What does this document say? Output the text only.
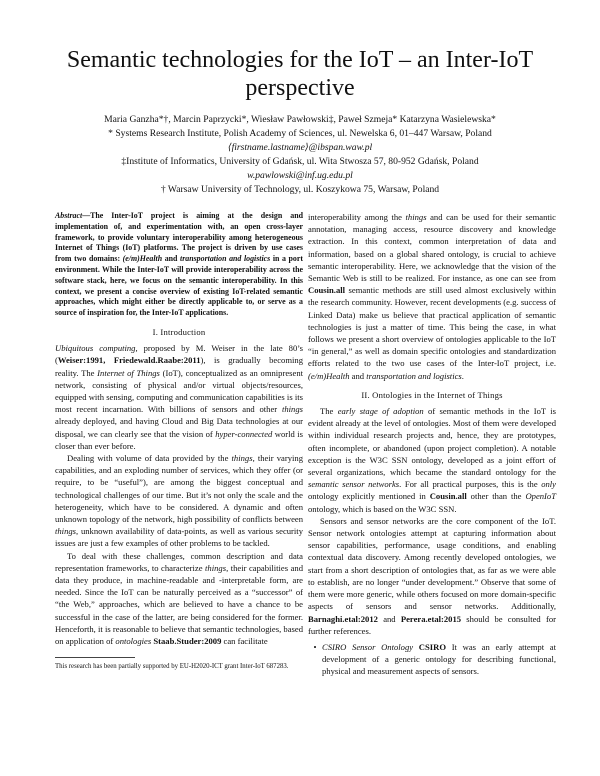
Semantic technologies for the IoT – an Inter-IoT perspective
Maria Ganzha*†, Marcin Paprzycki*, Wiesław Pawłowski‡, Paweł Szmeja* Katarzyna Wasielewska*
* Systems Research Institute, Polish Academy of Sciences, ul. Newelska 6, 01–447 Warsaw, Poland
⟨firstname.lastname⟩@ibspan.waw.pl
‡Institute of Informatics, University of Gdańsk, ul. Wita Stwosza 57, 80-952 Gdańsk, Poland
w.pawlowski@inf.ug.edu.pl
† Warsaw University of Technology, ul. Koszykowa 75, Warsaw, Poland
Abstract—The Inter-IoT project is aiming at the design and implementation of, and experimentation with, an open cross-layer framework, to provide voluntary interoperability among heterogeneous Internet of Things (IoT) platforms. The project is driven by use cases from two domains: (e/m)Health and transportation and logistics in a port environment. While the Inter-IoT will provide interoperability across the software stack, here, we focus on the semantic interoperability. In this context, we present a concise overview of existing IoT-related semantic approaches, which might either be directly applicable to, or serve as a source of inspiration for, the Inter-IoT applications.
I. Introduction

Ubiquitous computing, proposed by M. Weiser in the late 80’s (Weiser:1991, Friedewald.Raabe:2011), is gradually becoming reality. The Internet of Things (IoT), conceptualized as an omnipresent network, consisting of physical and/or virtual objects/resources, equipped with sensing, computing and communication capabilities is its most recent incarnation. With billions of sensors and other things already deployed, and having Cloud and Big Data technologies at our disposal, we can clearly see that the vision of hyper-connected world is closer than ever before.

Dealing with volume of data provided by the things, their varying capabilities, and an exploding number of services, which they offer (or require, to be “useful”), are among the biggest conceptual and technological challenges of our time. But it’s not only the scale and the heterogeneity, which have to be considered. A dynamic and often unknown topology of the network, high possibility of conflicts between things, unknown availability of data-points, as well as various security issues are just a few examples of other problems to be tackled.

To deal with these challenges, common description and data representation frameworks, to characterize things, their capabilities and data they produce, in machine-readable and -interpretable form, are needed. Since the IoT can be naturally perceived as a “successor” of “the Web,” approaches, which are believed to have a chance to be successful in the case of the latter, are being considered for the former. Henceforth, it is reasonable to believe that semantic technologies, based on application of ontologies Staab.Studer:2009 can facilitate

This research has been partially supported by EU-H2020-ICT grant Inter-IoT 687283.

interoperability among the things and can be used for their semantic annotation, managing access, resource discovery and knowledge extraction. In this context, common interpretation of data and information, based on a global shared ontology, is crucial to achieve semantic interoperability. Here, we acknowledge that the vision of the Semantic Web is still to be realized. For instance, as one can see from Cousin.all semantic methods are still used almost exclusively within the research community. However, recent developments (e.g. success of Linked Data) make us believe that practical application of semantic technologies is just a matter of time. This being the case, in what follows we present a short overview of ontologies applicable to the IoT “in general,” as well as domain specific ontologies and standardization efforts related to the two use cases of the Inter-IoT project, i.e. (e/m)Health and transportation and logistics.

II. Ontologies in the Internet of Things

The early stage of adoption of semantic methods in the IoT is evident already at the level of ontologies. Most of them were developed within individual research projects and, hence, they are prototypes, often incomplete, or abandoned (upon project completion). A notable exception is the W3C SSN ontology, developed as a joint effort of several organizations, which became the standard ontology for the semantic sensor networks. For all practical purposes, this is the only ontology explicitly mentioned in Cousin.all other than the OpenIoT ontology, which is based on the W3C SSN.

Sensors and sensor networks are the core component of the IoT. Sensor network ontologies attempt at capturing information about sensor capabilities, performance, usage conditions, and enabling contextual data discovery. Among recently developed ontologies, we start from a short description of ontologies that, as far as we were able to establish, are no longer “under development.” Observe that some of them were more generic, while others focused on more domain-specific aspects of sensors and sensor networks. Additionally, Barnaghi.etal:2012 and Perera.etal:2015 should be consulted for further references.

• CSIRO Sensor Ontology CSIRO It was an early attempt at development of a generic ontology for describing functional, physical and measurement aspects of sensors.
